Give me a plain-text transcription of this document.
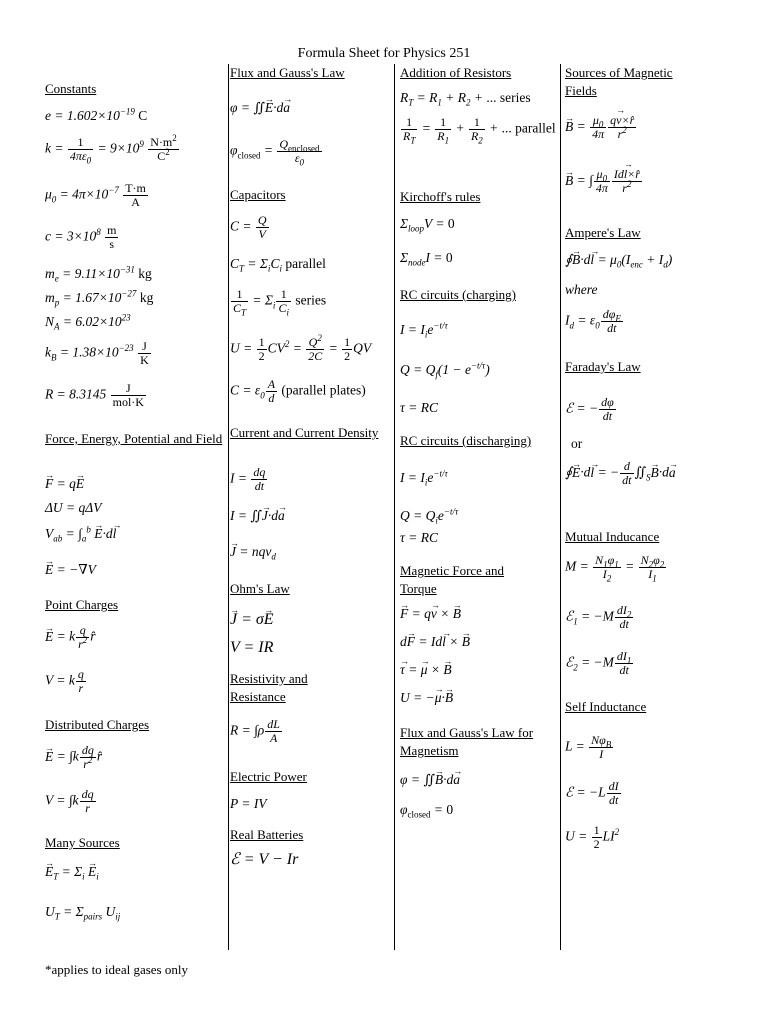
Formula Sheet for Physics 251
Constants
$e = 1.602\times 10^{-19}$ C
$k = \frac{1}{4\pi\varepsilon_0} = 9\times 10^9 \frac{N\cdot m^2}{C^2}$
$\mu_0 = 4\pi\times 10^{-7} \frac{T\cdot m}{A}$
$c = 3\times 10^8 \frac{m}{s}$
$m_e = 9.11\times 10^{-31}$ kg
$m_p = 1.67\times 10^{-27}$ kg
$N_A = 6.02\times 10^{23}$
$k_B = 1.38\times 10^{-23} \frac{J}{K}$
$R = 8.3145 \frac{J}{\text{mol·K}}$
Force, Energy, Potential and Field
→ F = q→ E
ΔU = qΔV
$V_{ab} = \int_a^b \to E\cdot d\to l$
→ E = −∇V
Point Charges
→ E = k $\frac{q}{r^2}$ r̂
V = k $\frac{q}{r}$
Distributed Charges
→ $E = \int k \frac{dq}{r^2}$ r̂
$V = \int k \frac{dq}{r}$
Many Sources
→ $E_T = \Sigma_i \to E_i$
$U_T = \Sigma_{pairs}$ $U_{ij}$
Flux and Gauss's Law
φ = ∬→ E·d→ a
$\varphi_{closed} = \frac{Q_{enclosed}}{\varepsilon_0}$
Capacitors
$C = \frac{Q}{V}$
$C_T = \Sigma_iC_i$ parallel
$\frac{1}{C_T} = \Sigma_i \frac{1}{C_i}$ series
$U = \frac{1}{2} CV^2 = \frac{Q^2}{2C} = \frac{1}{2}$ QV
$C = \varepsilon_0 \frac{A}{d}$ (parallel plates)
Current and Current Density
$I = \frac{dq}{dt}$
I = ∬→ J·d→ a
→ J = nqv$_d$
Ohm's Law
→ J = σ→ E
V = IR
Resistivity and Resistance
$R = \int\rho \frac{dL}{A}$
Electric Power
P = IV
Real Batteries
ℰ = V − Ir
Addition of Resistors
$R_T = R_1 + R_2$ + ... series
$\frac{1}{R_T} = \frac{1}{R_1} + \frac{1}{R_2}$ + ... parallel
Kirchoff's rules
$\Sigma_{loop}V = 0$
$\Sigma_{node}I = 0$
RC circuits (charging)
$I = I_ie^{-t/\tau}$
$Q = Q_f(1 - e^{-t/\tau})$
τ = RC
RC circuits (discharging)
$I = I_ie^{-t/\tau}$
$Q = Q_ie^{-t/\tau}$
τ = RC
Magnetic Force and Torque
→ F = q→ v × → B
d→ F = Id→ l × → B
→ τ = → μ × → B
U = −→ μ·→ B
Flux and Gauss's Law for Magnetism
φ = ∬→ B·d→ a
$\varphi_{closed} = 0$
Sources of Magnetic Fields
→ $B = \frac{\mu_0}{4\pi} \frac{q\to v\times r̂}{r^2}$
→ B = ∫ $\frac{\mu_0}{4\pi} \frac{Id\to l\times r̂}{r^2}$
Ampere's Law
∮→ $B\cdot d\to l = \mu_0(I_{enc} + I_d)$
where
$I_d = \varepsilon_0 \frac{d\varphi_E}{dt}$
Faraday's Law
ℰ = − $\frac{d\varphi}{dt}$
or
∮→ E·d→ l = − $\frac{d}{dt}$ $∬_S\to B\cdot d\to a$
Mutual Inducance
$M = \frac{N_1\varphi_1}{I_2} = \frac{N_2\varphi_2}{I_1}$
ℰ$_1$ = $-M \frac{dI_2}{dt}$
ℰ$_2$ = $-M \frac{dI_1}{dt}$
Self Inductance
$L = \frac{N\varphi_B}{I}$
ℰ = $-L \frac{dI}{dt}$
$U = \frac{1}{2} LI^2$
*applies to ideal gases only
